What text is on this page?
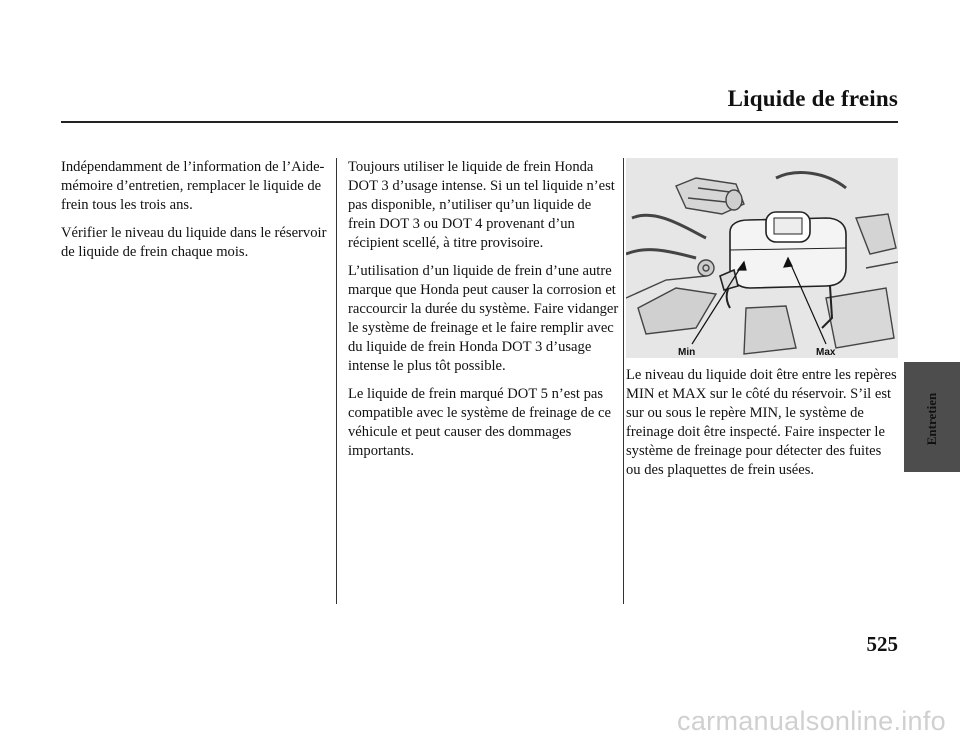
Liquide de freins

Indépendamment de l’information de l’Aide-mémoire d’entretien, remplacer le liquide de frein tous les trois ans.

Vérifier le niveau du liquide dans le réservoir de liquide de frein chaque mois.

Toujours utiliser le liquide de frein Honda DOT 3 d’usage intense. Si un tel liquide n’est pas disponible, n’utiliser qu’un liquide de frein DOT 3 ou DOT 4 provenant d’un récipient scellé, à titre provisoire.

L’utilisation d’un liquide de frein d’une autre marque que Honda peut causer la corrosion et raccourcir la durée du système. Faire vidanger le système de freinage et le faire remplir avec du liquide de frein Honda DOT 3 d’usage intense le plus tôt possible.

Le liquide de frein marqué DOT 5 n’est pas compatible avec le système de freinage de ce véhicule et peut causer des dommages importants.

Min	Max

Le niveau du liquide doit être entre les repères MIN et MAX sur le côté du réservoir. S’il est sur ou sous le repère MIN, le système de freinage doit être inspecté. Faire inspecter le système de freinage pour détecter des fuites ou des plaquettes de frein usées.

Entretien
525
carmanualsonline.info
